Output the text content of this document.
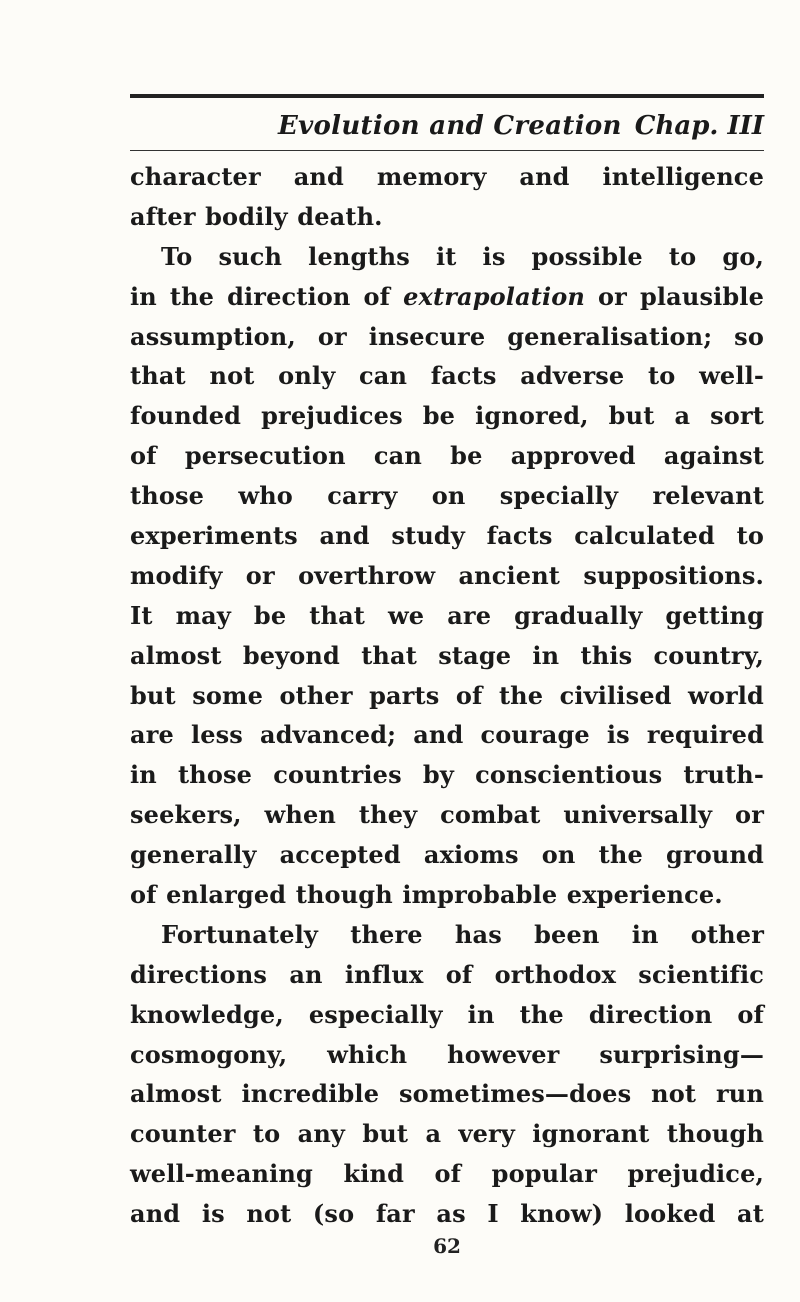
Evolution and Creation Chap. III
character and memory and intelligence
after bodily death.
To such lengths it is possible to go,
in the direction of extrapolation or plausible
assumption, or insecure generalisation; so
that not only can facts adverse to well-
founded prejudices be ignored, but a sort
of persecution can be approved against
those who carry on specially relevant
experiments and study facts calculated to
modify or overthrow ancient suppositions.
It may be that we are gradually getting
almost beyond that stage in this country,
but some other parts of the civilised world
are less advanced; and courage is required
in those countries by conscientious truth-
seekers, when they combat universally or
generally accepted axioms on the ground
of enlarged though improbable experience.
Fortunately there has been in other
directions an influx of orthodox scientific
knowledge, especially in the direction of
cosmogony, which however surprising—
almost incredible sometimes—does not run
counter to any but a very ignorant though
well-meaning kind of popular prejudice,
and is not (so far as I know) looked at
62
